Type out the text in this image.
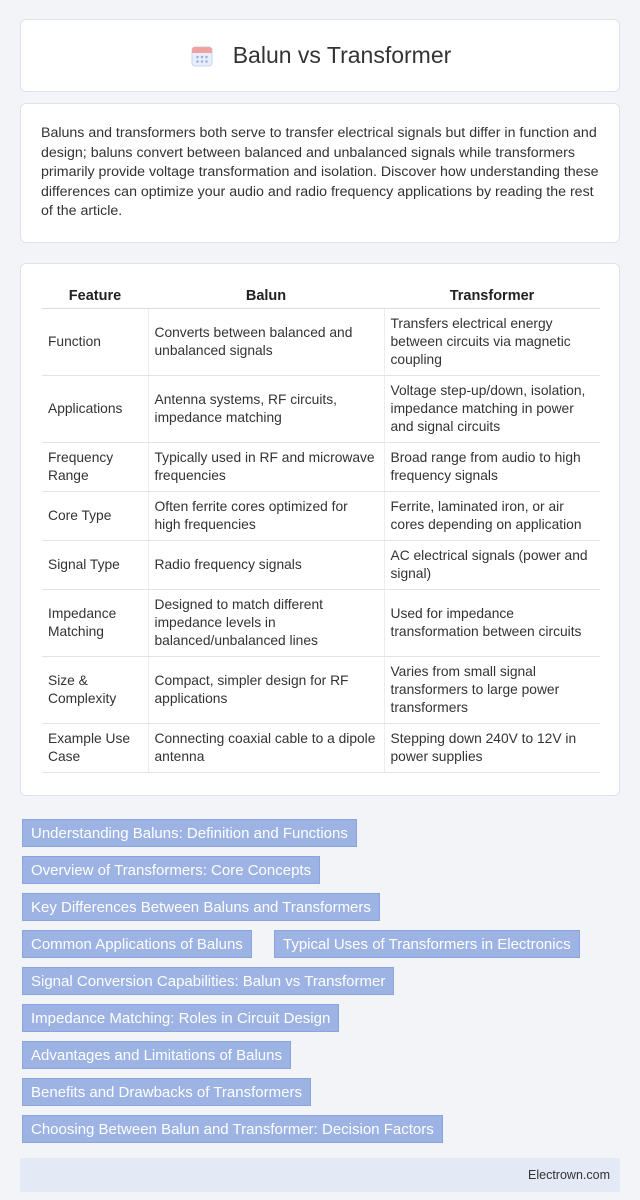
Balun vs Transformer

Baluns and transformers both serve to transfer electrical signals but differ in function and design; baluns convert between balanced and unbalanced signals while transformers primarily provide voltage transformation and isolation. Discover how understanding these differences can optimize your audio and radio frequency applications by reading the rest of the article.

Feature	Balun	Transformer
Function	Converts between balanced and unbalanced signals	Transfers electrical energy between circuits via magnetic coupling
Applications	Antenna systems, RF circuits, impedance matching	Voltage step-up/down, isolation, impedance matching in power and signal circuits
Frequency Range	Typically used in RF and microwave frequencies	Broad range from audio to high frequency signals
Core Type	Often ferrite cores optimized for high frequencies	Ferrite, laminated iron, or air cores depending on application
Signal Type	Radio frequency signals	AC electrical signals (power and signal)
Impedance Matching	Designed to match different impedance levels in balanced/unbalanced lines	Used for impedance transformation between circuits
Size & Complexity	Compact, simpler design for RF applications	Varies from small signal transformers to large power transformers
Example Use Case	Connecting coaxial cable to a dipole antenna	Stepping down 240V to 12V in power supplies
Understanding Baluns: Definition and Functions
Overview of Transformers: Core Concepts
Key Differences Between Baluns and Transformers
Common Applications of Baluns	Typical Uses of Transformers in Electronics
Signal Conversion Capabilities: Balun vs Transformer
Impedance Matching: Roles in Circuit Design
Advantages and Limitations of Baluns
Benefits and Drawbacks of Transformers
Choosing Between Balun and Transformer: Decision Factors
Electrown.com
